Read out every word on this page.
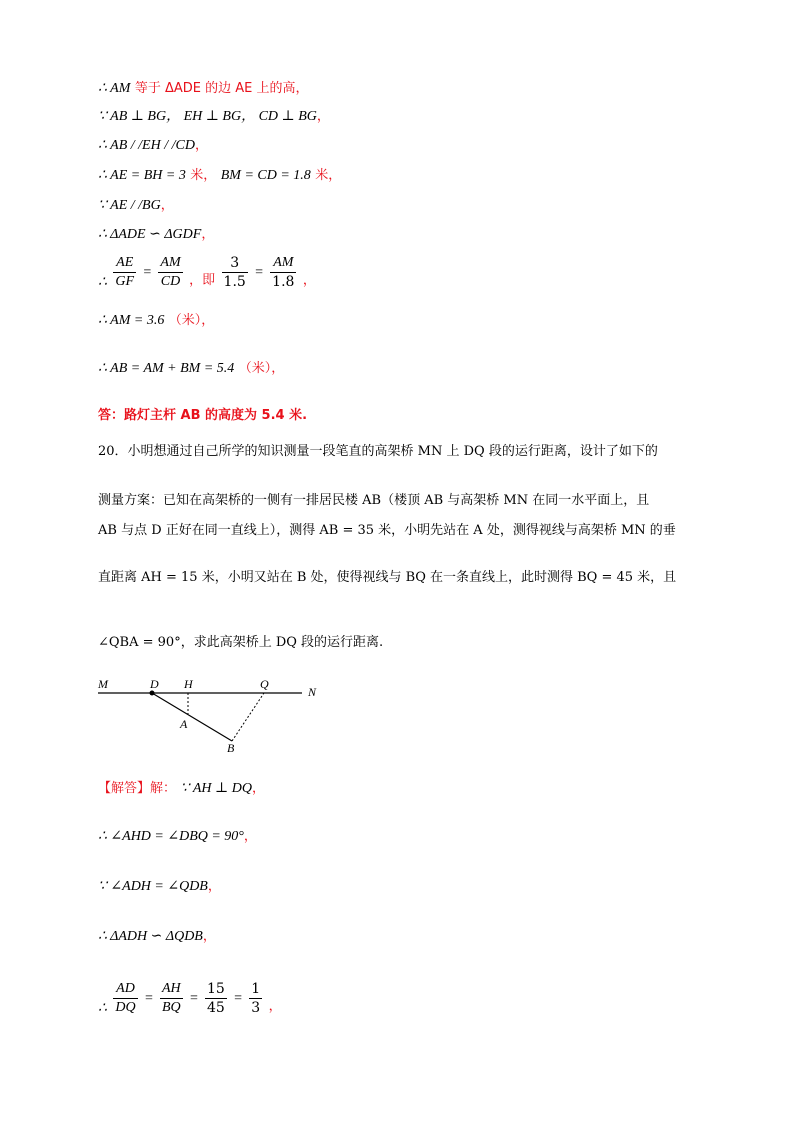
∴ AM 等于 ΔADE 的边 AE 上的高，
∵ AB ⊥ BG， EH ⊥ BG， CD ⊥ BG，
∴ AB / /EH / /CD，
∴ AE = BH = 3 米， BM = CD = 1.8 米，
∵ AE / /BG，
∴ ΔADE ∽ ΔGDF，
∴ $\frac{AE}{GF} = \frac{AM}{CD}$ ，即 $\frac{3}{1.5} = \frac{AM}{1.8}$ ，
∴ AM = 3.6 （米），
∴ AB = AM + BM = 5.4 （米），
答：路灯主杆 AB 的高度为 5.4 米.
20．小明想通过自己所学的知识测量一段笔直的高架桥 MN 上 DQ 段的运行距离，设计了如下的
测量方案：已知在高架桥的一侧有一排居民楼 AB（楼顶 AB 与高架桥 MN 在同一水平面上，且
AB 与点 D 正好在同一直线上），测得 AB = 35 米，小明先站在 A 处，测得视线与高架桥 MN 的垂
直距离 AH = 15 米，小明又站在 B 处，使得视线与 BQ 在一条直线上，此时测得 BQ = 45 米，且
∠QBA = 90°，求此高架桥上 DQ 段的运行距离.
M	D H	Q
N
A
B
【解答】解： ∵ AH ⊥ DQ，
∴ ∠AHD = ∠DBQ = 90°，
∵ ∠ADH = ∠QDB，
∴ ΔADH ∽ ΔQDB，
∴ $\frac{AD}{DQ} = \frac{AH}{BQ} = \frac{15}{45} = \frac{1}{3}$ ，
